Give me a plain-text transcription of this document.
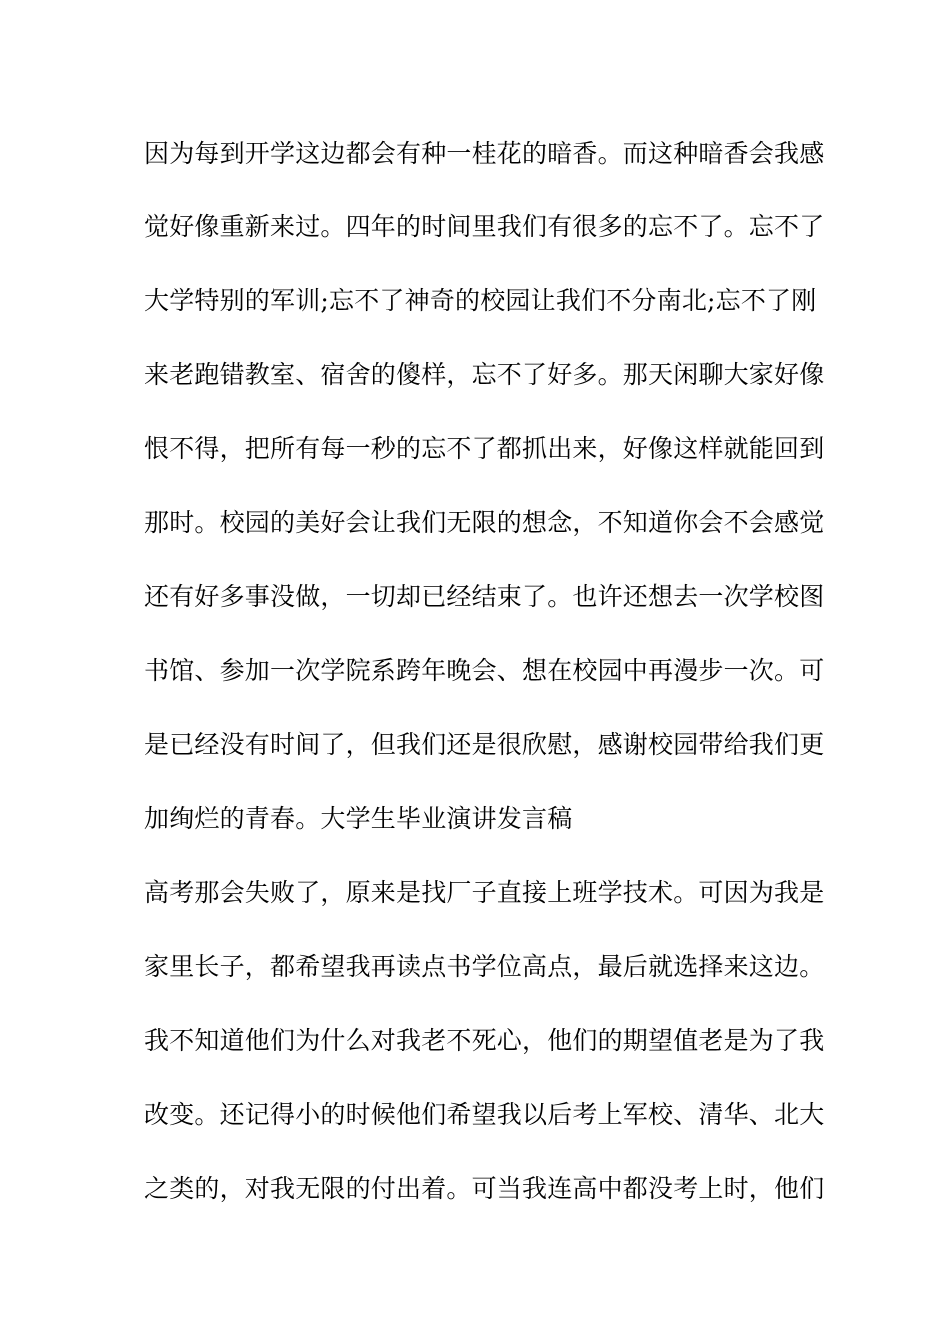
因为每到开学这边都会有种一桂花的暗香。而这种暗香会我感
觉好像重新来过。四年的时间里我们有很多的忘不了。忘不了
大学特别的军训;忘不了神奇的校园让我们不分南北;忘不了刚
来老跑错教室、宿舍的傻样，忘不了好多。那天闲聊大家好像
恨不得，把所有每一秒的忘不了都抓出来，好像这样就能回到
那时。校园的美好会让我们无限的想念，不知道你会不会感觉
还有好多事没做，一切却已经结束了。也许还想去一次学校图
书馆、参加一次学院系跨年晚会、想在校园中再漫步一次。可
是已经没有时间了，但我们还是很欣慰，感谢校园带给我们更
加绚烂的青春。大学生毕业演讲发言稿
高考那会失败了，原来是找厂子直接上班学技术。可因为我是
家里长子，都希望我再读点书学位高点，最后就选择来这边。
我不知道他们为什么对我老不死心，他们的期望值老是为了我
改变。还记得小的时候他们希望我以后考上军校、清华、北大
之类的，对我无限的付出着。可当我连高中都没考上时，他们
